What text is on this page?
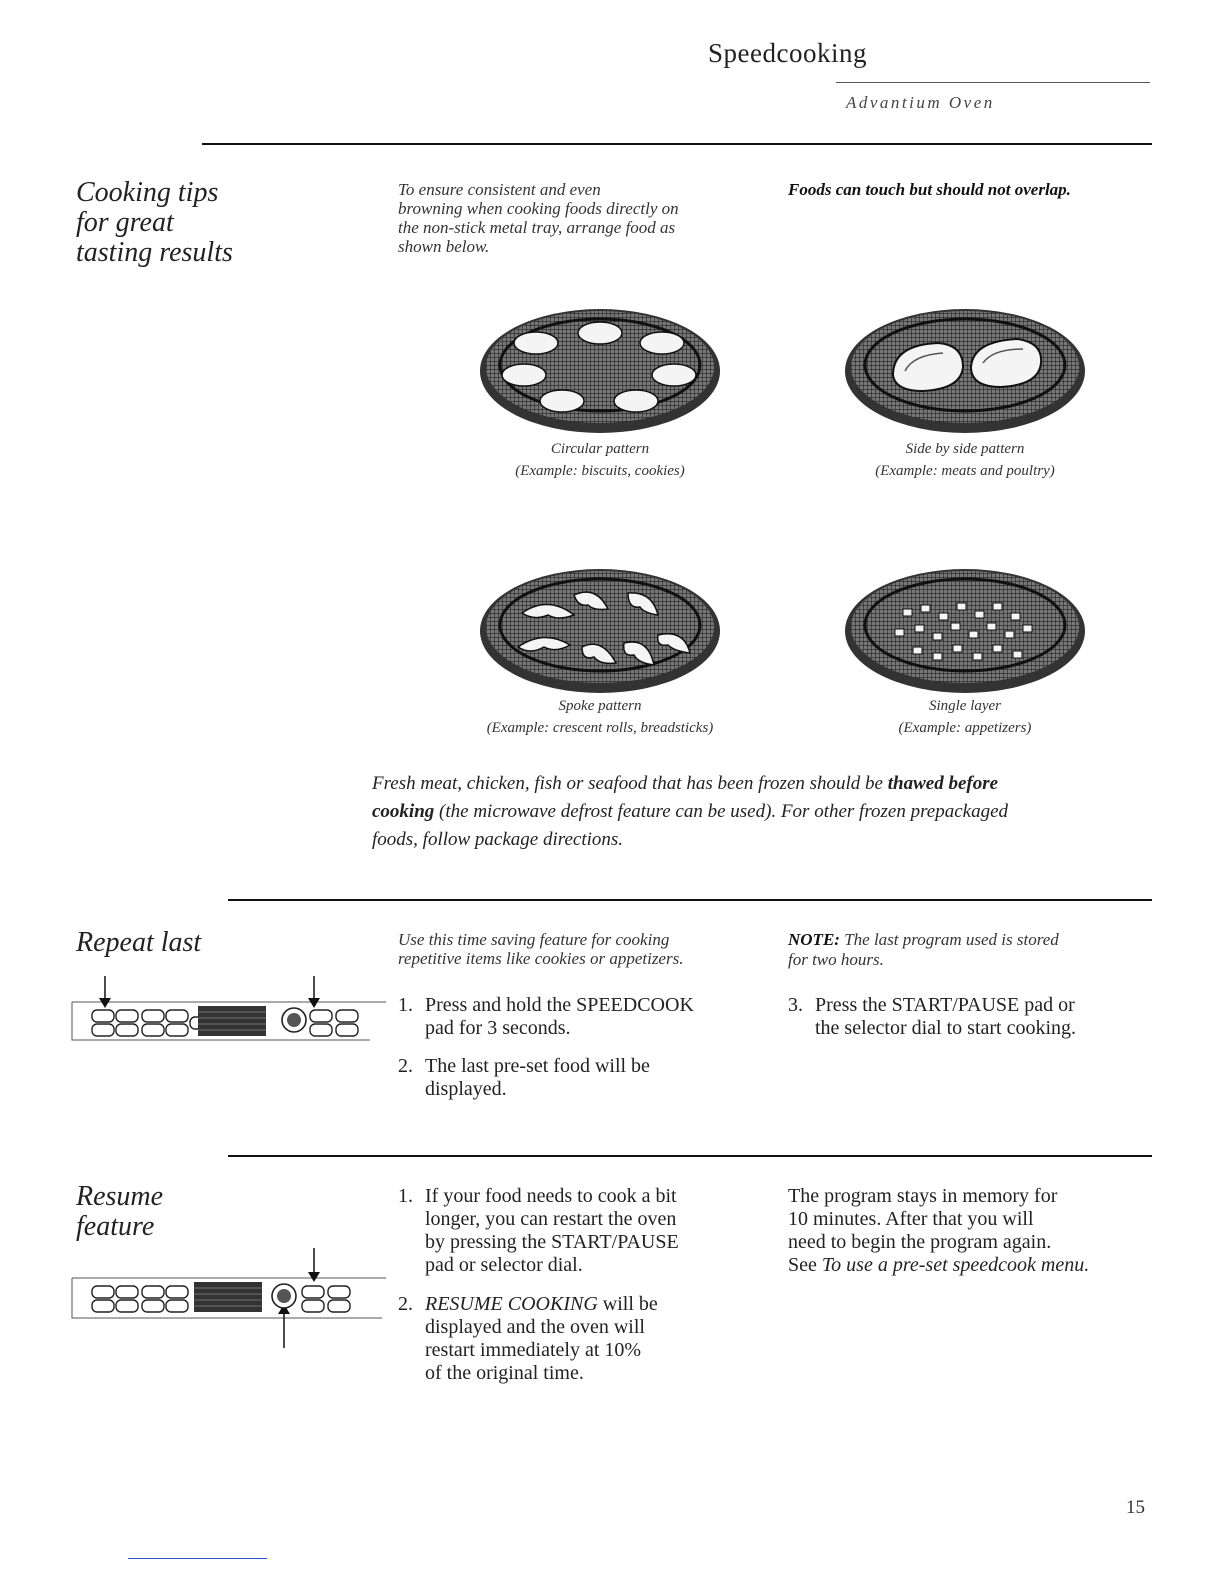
Speedcooking
Advantium Oven
Cooking tips
for great
tasting results
To ensure consistent and even
browning when cooking foods directly on
the non-stick metal tray, arrange food as
shown below.
Foods can touch but should not overlap.
Circular pattern
(Example: biscuits, cookies)
Side by side pattern
(Example: meats and poultry)
Spoke pattern
(Example: crescent rolls, breadsticks)
Single layer
(Example: appetizers)
Fresh meat, chicken, fish or seafood that has been frozen should be thawed before
cooking (the microwave defrost feature can be used). For other frozen prepackaged
foods, follow package directions.
Repeat last	Use this time saving feature for cooking
repetitive items like cookies or appetizers.
NOTE: The last program used is stored
for two hours.
1. Press and hold the SPEEDCOOK
pad for 3 seconds.
2. The last pre-set food will be
displayed.
3. Press the START/PAUSE pad or
the selector dial to start cooking.
Resume
feature
1. If your food needs to cook a bit
longer, you can restart the oven
by pressing the START/PAUSE
pad or selector dial.
2. RESUME COOKING will be
displayed and the oven will
restart immediately at 10%
of the original time.
The program stays in memory for
10 minutes. After that you will
need to begin the program again.
See To use a pre-set speedcook menu.
15
